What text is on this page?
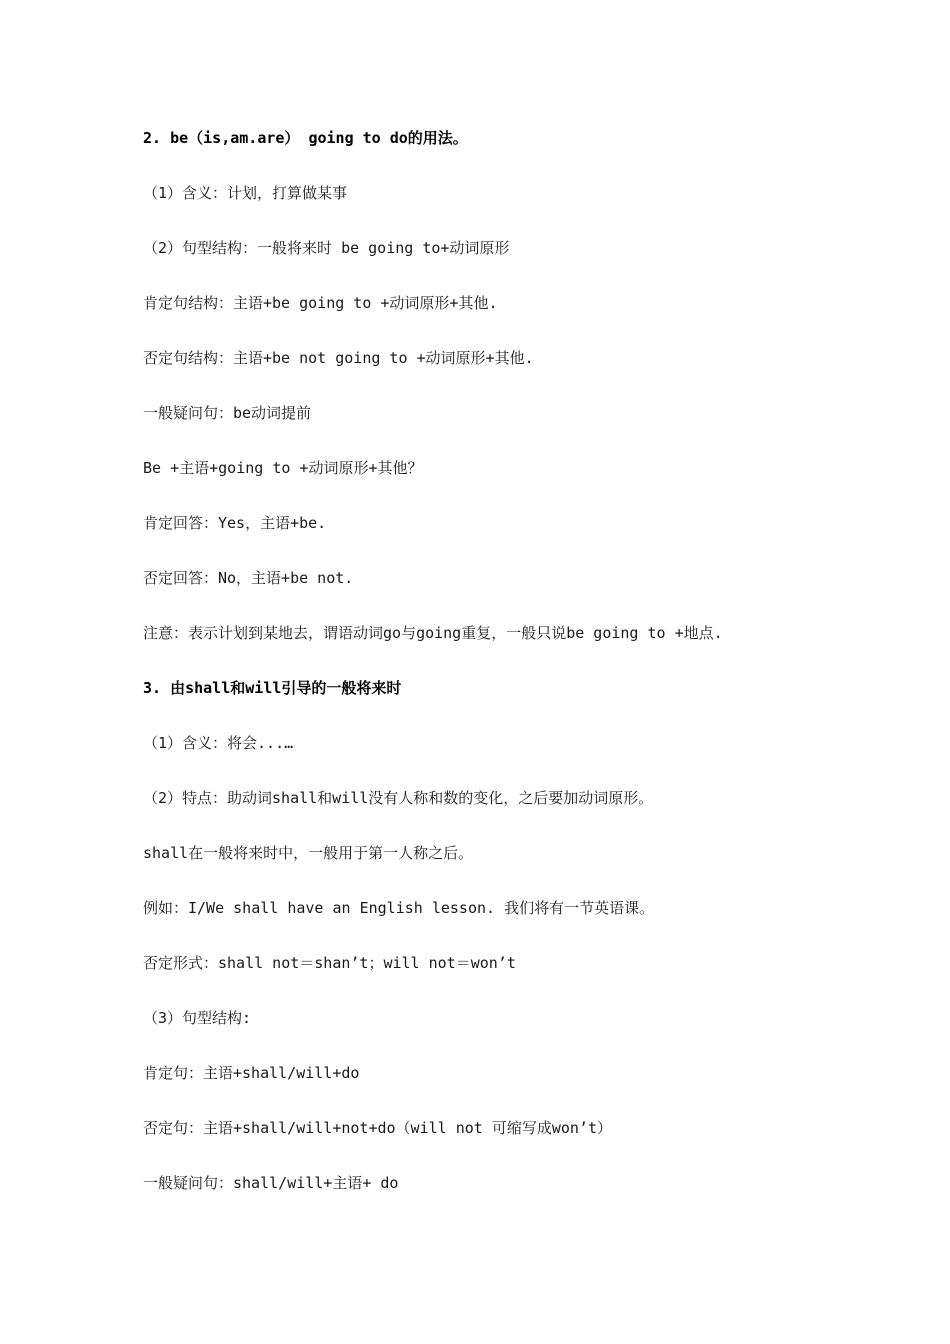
2. be（is,am.are） going to do的用法。
（1）含义：计划，打算做某事
（2）句型结构：一般将来时 be going to+动词原形
肯定句结构：主语+be going to +动词原形+其他.
否定句结构：主语+be not going to +动词原形+其他.
一般疑问句：be动词提前
Be +主语+going to +动词原形+其他？
肯定回答：Yes，主语+be.
否定回答：No，主语+be not.
注意：表示计划到某地去，谓语动词go与going重复，一般只说be going to +地点.
3. 由shall和will引导的一般将来时
（1）含义：将会...…
（2）特点：助动词shall和will没有人称和数的变化，之后要加动词原形。
shall在一般将来时中，一般用于第一人称之后。
例如：I/We shall have an English lesson. 我们将有一节英语课。
否定形式：shall not＝shan’t；will not＝won’t
（3）句型结构:
肯定句：主语+shall/will+do
否定句：主语+shall/will+not+do（will not 可缩写成won’t）
一般疑问句：shall/will+主语+ do
